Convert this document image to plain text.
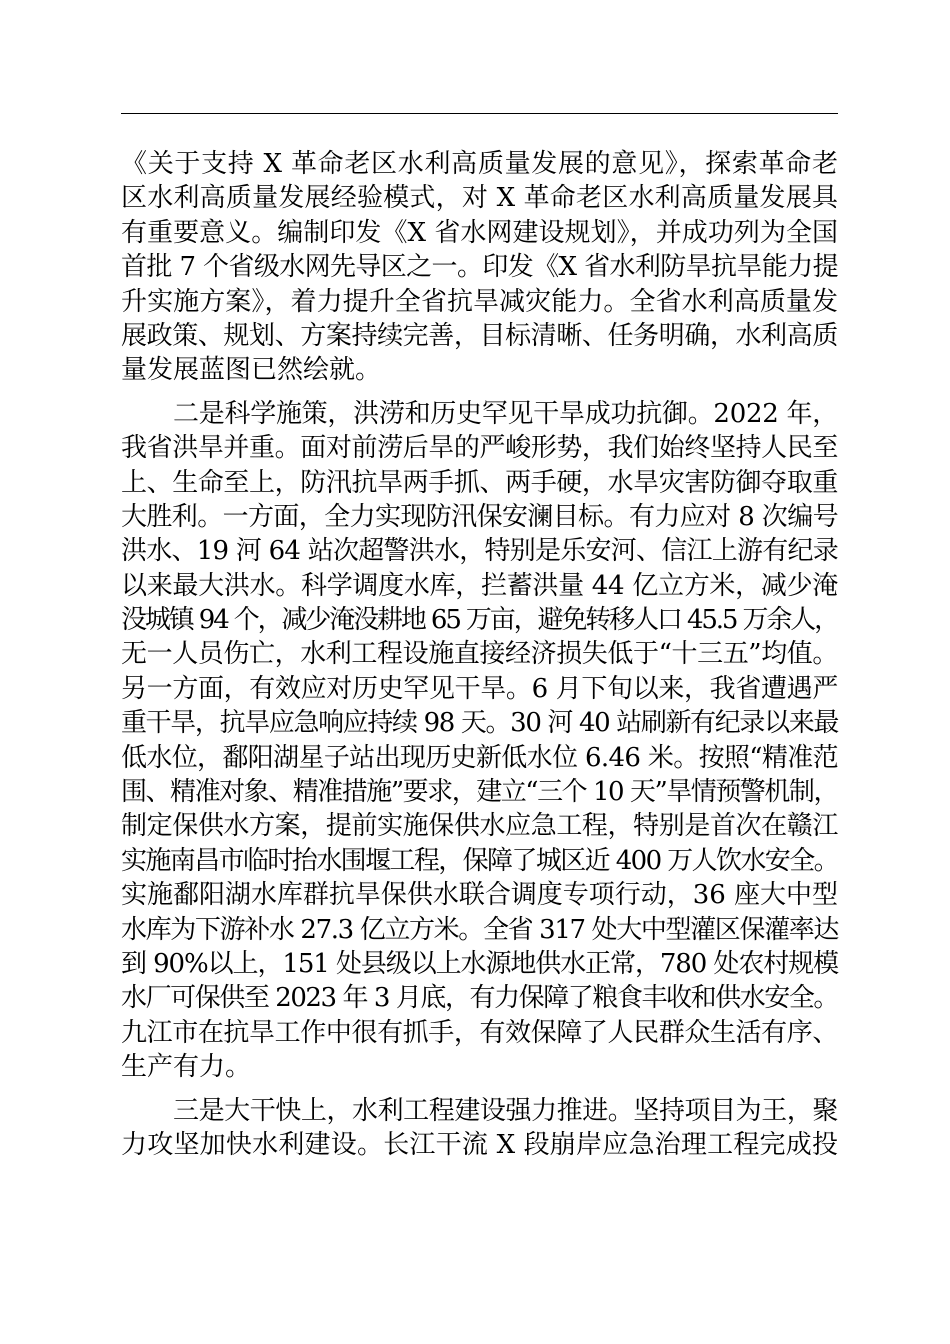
《关于支持 X 革命老区水利高质量发展的意见》，探索革命老
区水利高质量发展经验模式，对 X 革命老区水利高质量发展具
有重要意义。编制印发《X 省水网建设规划》，并成功列为全国
首批 7 个省级水网先导区之一。印发《X 省水利防旱抗旱能力提
升实施方案》，着力提升全省抗旱减灾能力。全省水利高质量发
展政策、规划、方案持续完善，目标清晰、任务明确，水利高质
量发展蓝图已然绘就。
二是科学施策，洪涝和历史罕见干旱成功抗御。2022 年，
我省洪旱并重。面对前涝后旱的严峻形势，我们始终坚持人民至
上、生命至上，防汛抗旱两手抓、两手硬，水旱灾害防御夺取重
大胜利。一方面，全力实现防汛保安澜目标。有力应对 8 次编号
洪水、19 河 64 站次超警洪水，特别是乐安河、信江上游有纪录
以来最大洪水。科学调度水库，拦蓄洪量 44 亿立方米，减少淹
没城镇 94 个，减少淹没耕地 65 万亩，避免转移人口 45.5 万余人，
无一人员伤亡，水利工程设施直接经济损失低于“十三五”均值。
另一方面，有效应对历史罕见干旱。6 月下旬以来，我省遭遇严
重干旱，抗旱应急响应持续 98 天。30 河 40 站刷新有纪录以来最
低水位，鄱阳湖星子站出现历史新低水位 6.46 米。按照“精准范
围、精准对象、精准措施”要求，建立“三个 10 天”旱情预警机制，
制定保供水方案，提前实施保供水应急工程，特别是首次在赣江
实施南昌市临时抬水围堰工程，保障了城区近 400 万人饮水安全。
实施鄱阳湖水库群抗旱保供水联合调度专项行动，36 座大中型
水库为下游补水 27.3 亿立方米。全省 317 处大中型灌区保灌率达
到 90%以上，151 处县级以上水源地供水正常，780 处农村规模
水厂可保供至 2023 年 3 月底，有力保障了粮食丰收和供水安全。
九江市在抗旱工作中很有抓手，有效保障了人民群众生活有序、
生产有力。
三是大干快上，水利工程建设强力推进。坚持项目为王，聚
力攻坚加快水利建设。长江干流 X 段崩岸应急治理工程完成投
